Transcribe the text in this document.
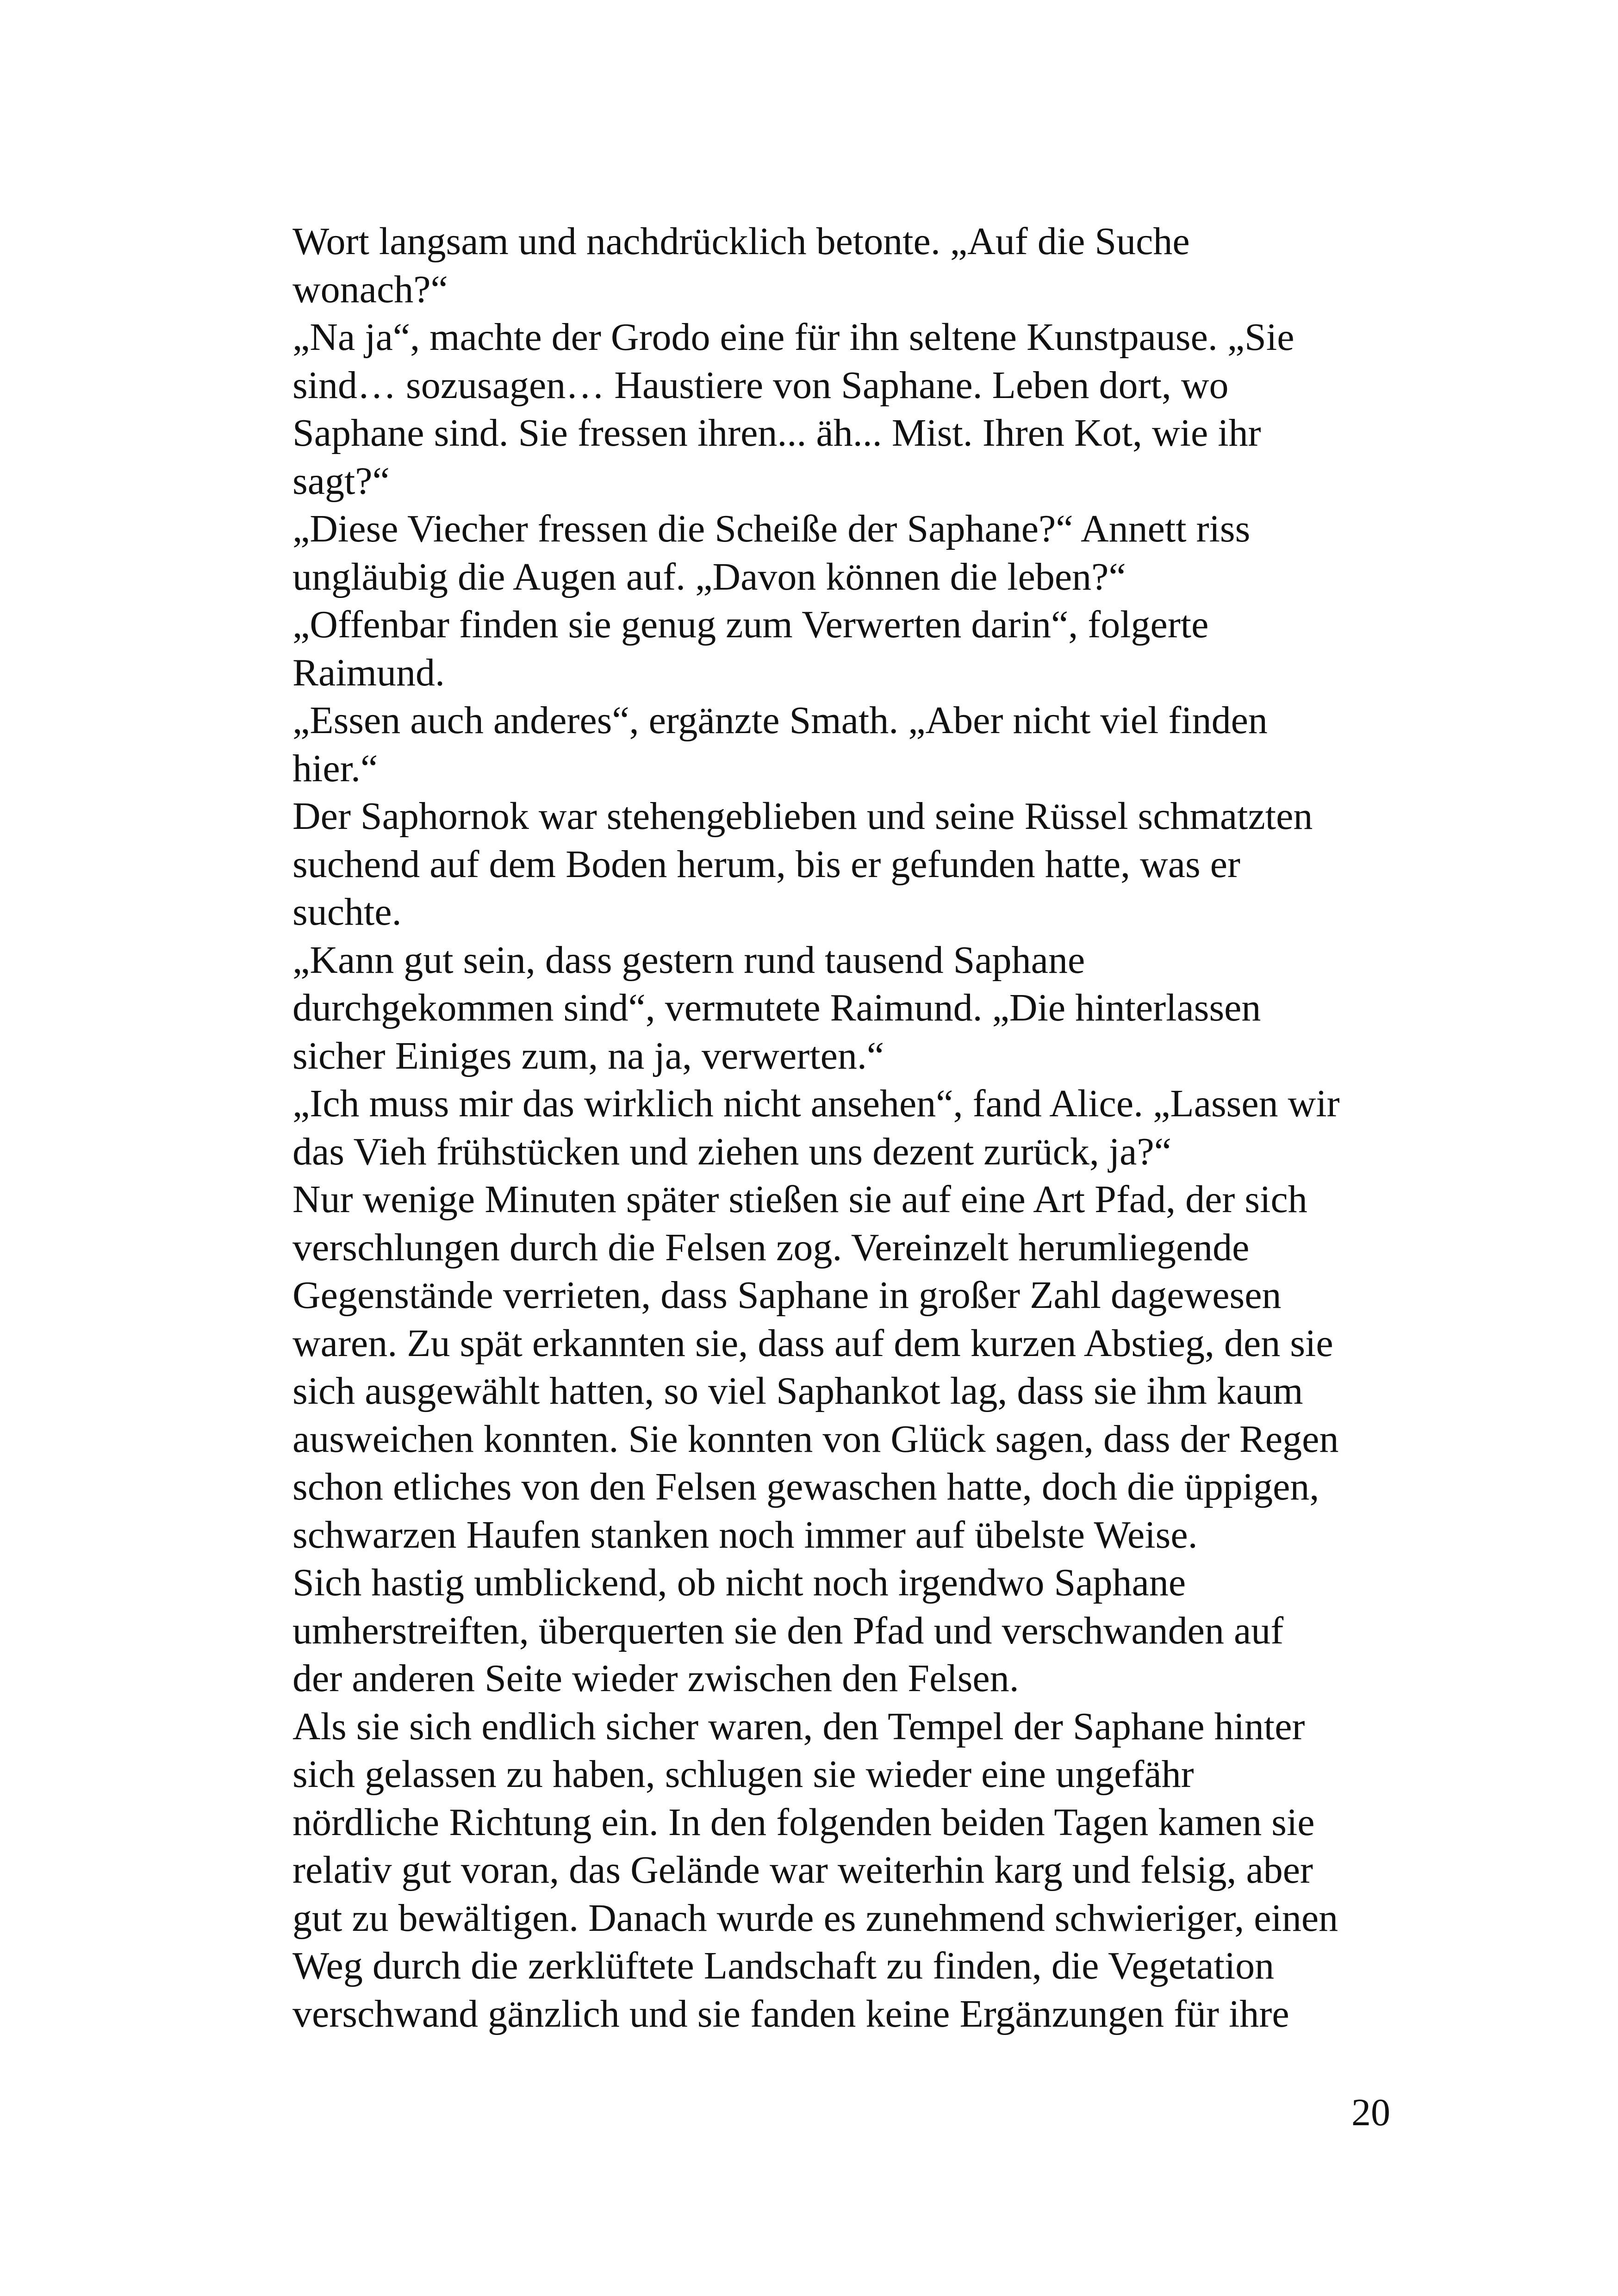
Wort langsam und nachdrücklich betonte. „Auf die Suche
wonach?“
„Na ja“, machte der Grodo eine für ihn seltene Kunstpause. „Sie
sind… sozusagen… Haustiere von Saphane. Leben dort, wo
Saphane sind. Sie fressen ihren... äh... Mist. Ihren Kot, wie ihr
sagt?“
„Diese Viecher fressen die Scheiße der Saphane?“ Annett riss
ungläubig die Augen auf. „Davon können die leben?“
„Offenbar finden sie genug zum Verwerten darin“, folgerte
Raimund.
„Essen auch anderes“, ergänzte Smath. „Aber nicht viel finden
hier.“
Der Saphornok war stehengeblieben und seine Rüssel schmatzten
suchend auf dem Boden herum, bis er gefunden hatte, was er
suchte.
„Kann gut sein, dass gestern rund tausend Saphane
durchgekommen sind“, vermutete Raimund. „Die hinterlassen
sicher Einiges zum, na ja, verwerten.“
„Ich muss mir das wirklich nicht ansehen“, fand Alice. „Lassen wir
das Vieh frühstücken und ziehen uns dezent zurück, ja?“
Nur wenige Minuten später stießen sie auf eine Art Pfad, der sich
verschlungen durch die Felsen zog. Vereinzelt herumliegende
Gegenstände verrieten, dass Saphane in großer Zahl dagewesen
waren. Zu spät erkannten sie, dass auf dem kurzen Abstieg, den sie
sich ausgewählt hatten, so viel Saphankot lag, dass sie ihm kaum
ausweichen konnten. Sie konnten von Glück sagen, dass der Regen
schon etliches von den Felsen gewaschen hatte, doch die üppigen,
schwarzen Haufen stanken noch immer auf übelste Weise.
Sich hastig umblickend, ob nicht noch irgendwo Saphane
umherstreiften, überquerten sie den Pfad und verschwanden auf
der anderen Seite wieder zwischen den Felsen.
Als sie sich endlich sicher waren, den Tempel der Saphane hinter
sich gelassen zu haben, schlugen sie wieder eine ungefähr
nördliche Richtung ein. In den folgenden beiden Tagen kamen sie
relativ gut voran, das Gelände war weiterhin karg und felsig, aber
gut zu bewältigen. Danach wurde es zunehmend schwieriger, einen
Weg durch die zerklüftete Landschaft zu finden, die Vegetation
verschwand gänzlich und sie fanden keine Ergänzungen für ihre
20
